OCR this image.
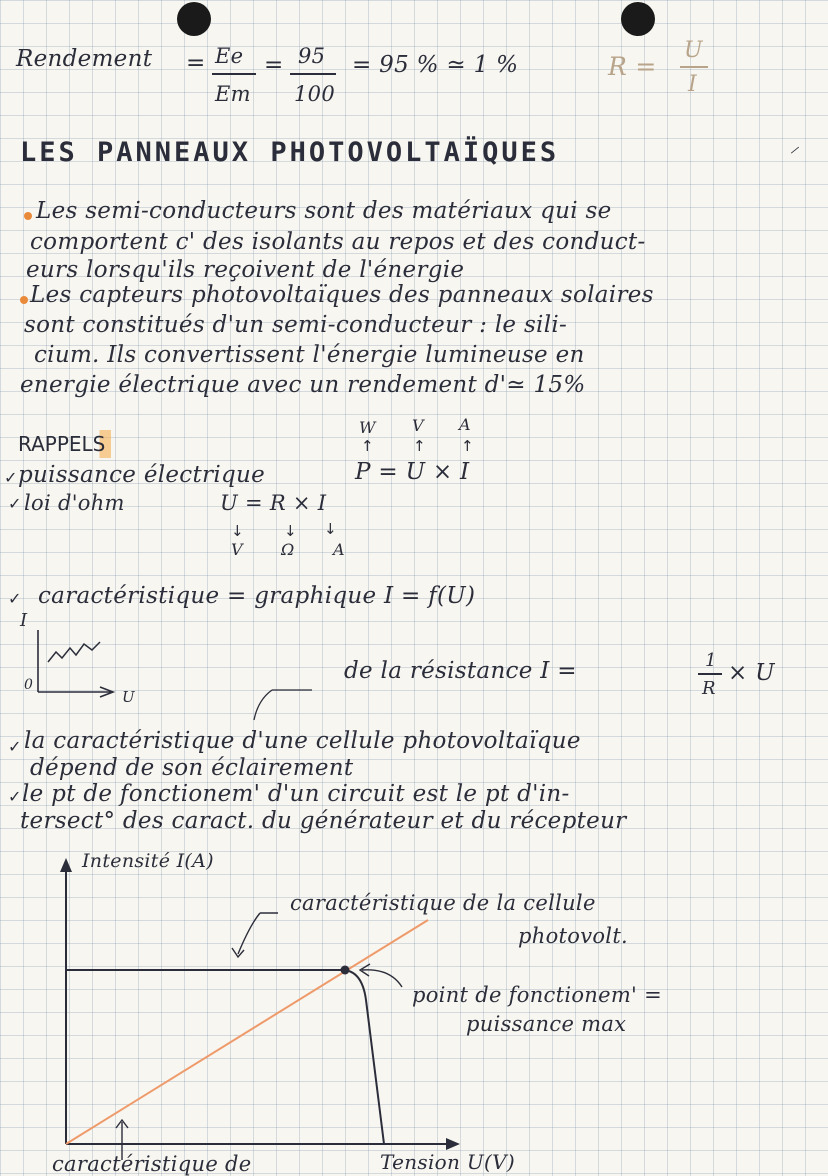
Rendement = Ee
Em
= 95
100
= 95 % ≃ 1 %	R =
U
I
LES PANNEAUX PHOTOVOLTAÏQUES	⸝
Les semi-conducteurs sont des matériaux qui se
comportent c' des isolants au repos et des conduct-
eurs lorsqu'ils reçoivent de l'énergie
Les capteurs photovoltaïques des panneaux solaires
sont constitués d'un semi-conducteur : le sili-
cium. Ils convertissent l'énergie lumineuse en
energie électrique avec un rendement d'≃ 15%
RAPPELS
W V A
↑	↑ ↑
✓ puissance électrique	P = U × I
✓ loi d'ohm	U = R × I
↓	↓ ↓
V Ω A
✓ caractéristique = graphique I = f(U)
I
0
U
de la résistance I =	1
R
× U
✓ la caractéristique d'une cellule photovoltaïque
dépend de son éclairement
✓ le pt de fonctionem' d'un circuit est le pt d'in-
tersect° des caract. du générateur et du récepteur
Intensité I(A)
caractéristique de la cellule
photovolt.
point de fonctionem' =
puissance max
caractéristique de	Tension U(V)
